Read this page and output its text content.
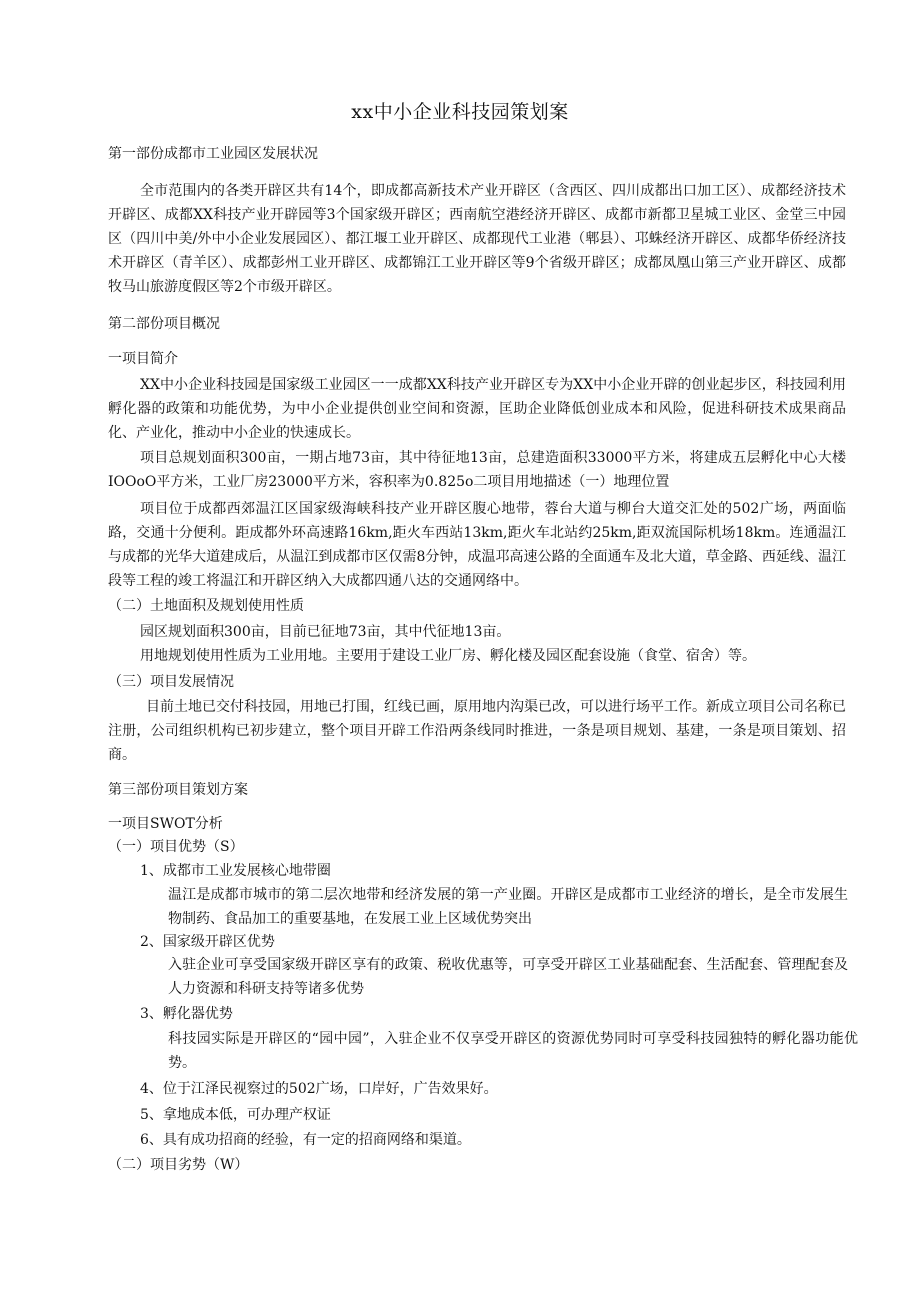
xx中小企业科技园策划案
第一部份成都市工业园区发展状况
全市范围内的各类开辟区共有14个，即成都高新技术产业开辟区（含西区、四川成都出口加工区）、成都经济技术开辟区、成都XX科技产业开辟园等3个国家级开辟区；西南航空港经济开辟区、成都市新都卫星城工业区、金堂三中园区（四川中美/外中小企业发展园区）、都江堰工业开辟区、成都现代工业港（郫县）、邛蛛经济开辟区、成都华侨经济技术开辟区（青羊区）、成都彭州工业开辟区、成都锦江工业开辟区等9个省级开辟区；成都凤凰山第三产业开辟区、成都牧马山旅游度假区等2个市级开辟区。
第二部份项目概况
一项目简介
XX中小企业科技园是国家级工业园区一一成都XX科技产业开辟区专为XX中小企业开辟的创业起步区，科技园利用孵化器的政策和功能优势，为中小企业提供创业空间和资源，匡助企业降低创业成本和风险，促进科研技术成果商品化、产业化，推动中小企业的快速成长。
项目总规划面积300亩，一期占地73亩，其中待征地13亩，总建造面积33000平方米，将建成五层孵化中心大楼IOOoO平方米，工业厂房23000平方米，容积率为0.825o二项目用地描述（一）地理位置
项目位于成都西郊温江区国家级海峡科技产业开辟区腹心地带，蓉台大道与柳台大道交汇处的502广场，两面临路，交通十分便利。距成都外环高速路16km,距火车西站13km,距火车北站约25km,距双流国际机场18km。连通温江与成都的光华大道建成后，从温江到成都市区仅需8分钟，成温邛高速公路的全面通车及北大道，草金路、西延线、温江段等工程的竣工将温江和开辟区纳入大成都四通八达的交通网络中。
（二）土地面积及规划使用性质
园区规划面积300亩，目前已征地73亩，其中代征地13亩。
用地规划使用性质为工业用地。主要用于建设工业厂房、孵化楼及园区配套设施（食堂、宿舍）等。
（三）项目发展情况
目前土地已交付科技园，用地已打围，红线已画，原用地内沟渠已改，可以进行场平工作。新成立项目公司名称已注册，公司组织机构已初步建立，整个项目开辟工作沿两条线同时推进，一条是项目规划、基建，一条是项目策划、招商。
第三部份项目策划方案
一项目SWOT分析
（一）项目优势（S）
1、成都市工业发展核心地带圈
温江是成都市城市的第二层次地带和经济发展的第一产业圈。开辟区是成都市工业经济的增长，是全市发展生物制药、食品加工的重要基地，在发展工业上区域优势突出
2、国家级开辟区优势
入驻企业可享受国家级开辟区享有的政策、税收优惠等，可享受开辟区工业基础配套、生活配套、管理配套及人力资源和科研支持等诸多优势
3、孵化器优势
科技园实际是开辟区的“园中园”，入驻企业不仅享受开辟区的资源优势同时可享受科技园独特的孵化器功能优势。
4、位于江泽民视察过的502广场，口岸好，广告效果好。
5、拿地成本低，可办理产权证
6、具有成功招商的经验，有一定的招商网络和渠道。
（二）项目劣势（W）
